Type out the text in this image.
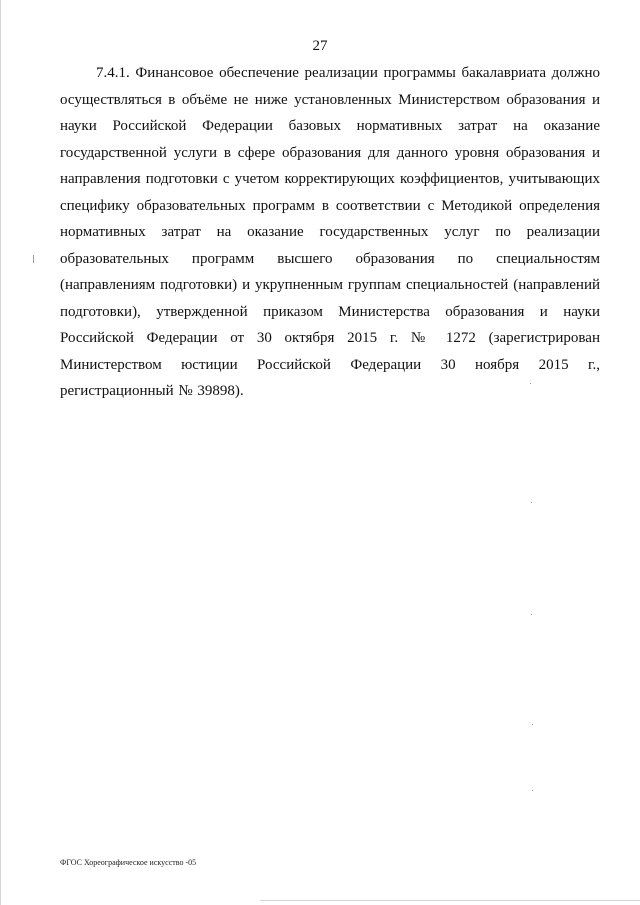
27

7.4.1. Финансовое обеспечение реализации программы бакалавриата должно осуществляться в объёме не ниже установленных Министерством образования и науки Российской Федерации базовых нормативных затрат на оказание государственной услуги в сфере образования для данного уровня образования и направления подготовки с учетом корректирующих коэффициентов, учитывающих специфику образовательных программ в соответствии с Методикой определения нормативных затрат на оказание государственных услуг по реализации образовательных программ высшего образования по специальностям (направлениям подготовки) и укрупненным группам специальностей (направлений подготовки), утвержденной приказом Министерства образования и науки Российской Федерации от 30 октября 2015 г. № 1272 (зарегистрирован Министерством юстиции Российской Федерации 30 ноября 2015 г., регистрационный № 39898).

ФГОС Хореографическое искусство -05
